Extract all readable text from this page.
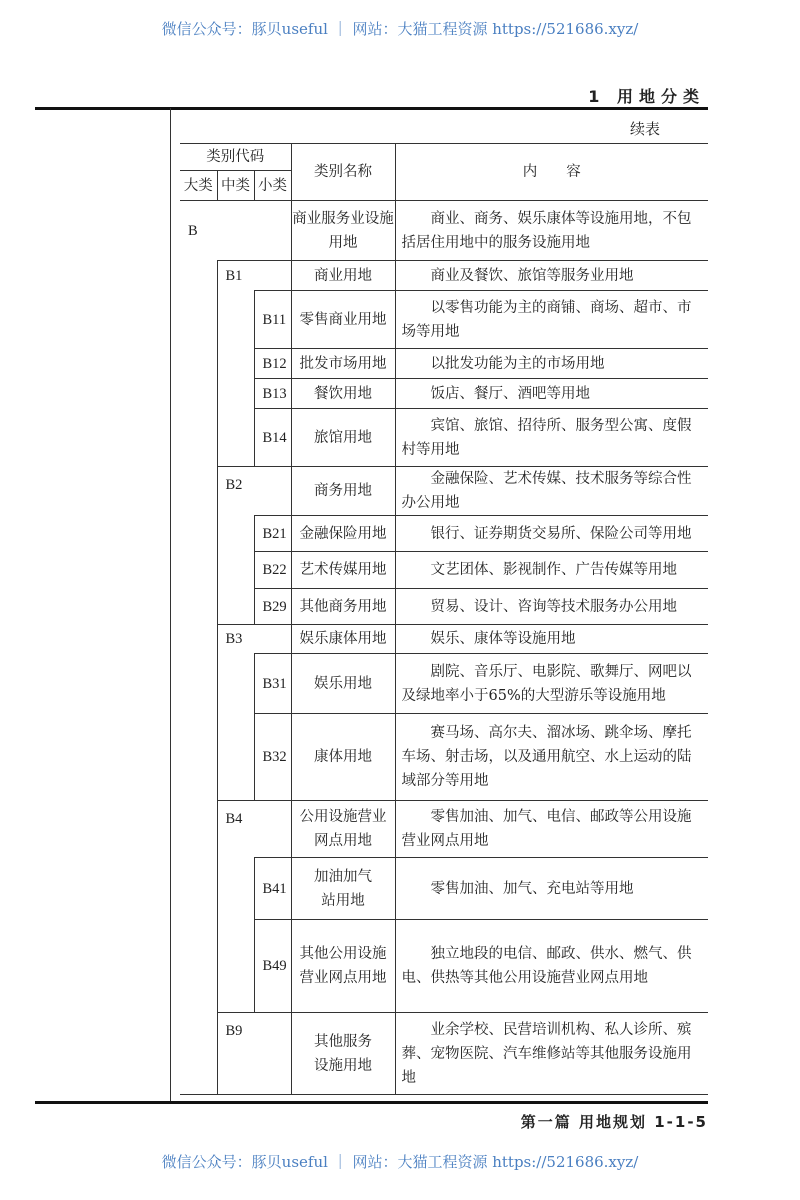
微信公众号：豚贝useful ｜ 网站：大猫工程资源 https://521686.xyz/
1 用地分类
续表
类别代码			类别名称	内　　容
大类	中类	小类		
B			商业服务业设施用地	商业、商务、娱乐康体等设施用地，不包括居住用地中的服务设施用地
	B1		商业用地	商业及餐饮、旅馆等服务业用地
		B11	零售商业用地	以零售功能为主的商铺、商场、超市、市场等用地
		B12	批发市场用地	以批发功能为主的市场用地
		B13	餐饮用地	饭店、餐厅、酒吧等用地
		B14	旅馆用地	宾馆、旅馆、招待所、服务型公寓、度假村等用地
	B2		商务用地	金融保险、艺术传媒、技术服务等综合性办公用地
		B21	金融保险用地	银行、证券期货交易所、保险公司等用地
		B22	艺术传媒用地	文艺团体、影视制作、广告传媒等用地
		B29	其他商务用地	贸易、设计、咨询等技术服务办公用地
	B3		娱乐康体用地	娱乐、康体等设施用地
		B31	娱乐用地	剧院、音乐厅、电影院、歌舞厅、网吧以及绿地率小于65%的大型游乐等设施用地
		B32	康体用地	赛马场、高尔夫、溜冰场、跳伞场、摩托车场、射击场，以及通用航空、水上运动的陆域部分等用地
	B4		公用设施营业网点用地	零售加油、加气、电信、邮政等公用设施营业网点用地
		B41	加油加气站用地	零售加油、加气、充电站等用地
		B49	其他公用设施营业网点用地	独立地段的电信、邮政、供水、燃气、供电、供热等其他公用设施营业网点用地
	B9		其他服务设施用地	业余学校、民营培训机构、私人诊所、殡葬、宠物医院、汽车维修站等其他服务设施用地
第一篇 用地规划 1-1-5
微信公众号：豚贝useful ｜ 网站：大猫工程资源 https://521686.xyz/
